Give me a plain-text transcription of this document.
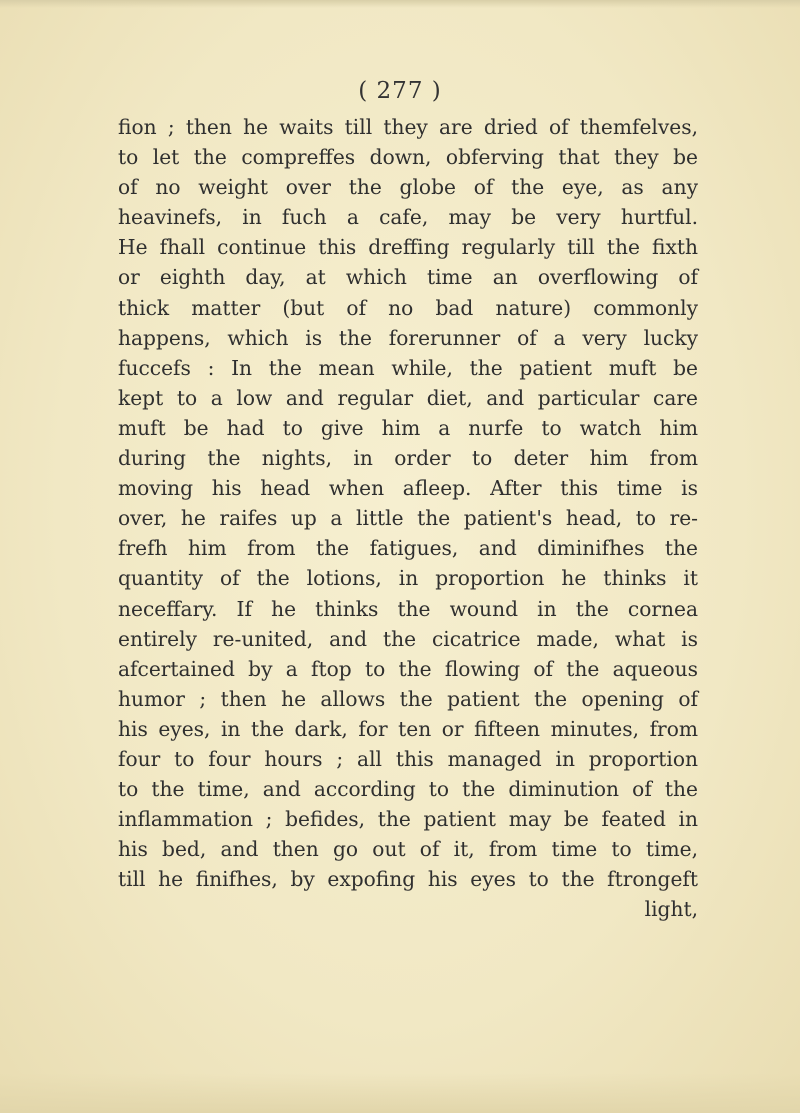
( 277 )
fion ; then he waits till they are dried of themfelves,
to let the compreffes down, obferving that they be
of no weight over the globe of the eye, as any
heavinefs, in fuch a cafe, may be very hurtful.
He fhall continue this dreffing regularly till the fixth
or eighth day, at which time an overflowing of
thick matter (but of no bad nature) commonly
happens, which is the forerunner of a very lucky
fuccefs : In the mean while, the patient muft be
kept to a low and regular diet, and particular care
muft be had to give him a nurfe to watch him
during the nights, in order to deter him from
moving his head when afleep. After this time is
over, he raifes up a little the patient's head, to re-
frefh him from the fatigues, and diminifhes the
quantity of the lotions, in proportion he thinks it
neceffary. If he thinks the wound in the cornea
entirely re-united, and the cicatrice made, what is
afcertained by a ftop to the flowing of the aqueous
humor ; then he allows the patient the opening of
his eyes, in the dark, for ten or fifteen minutes, from
four to four hours ; all this managed in proportion
to the time, and according to the diminution of the
inflammation ; befides, the patient may be feated in
his bed, and then go out of it, from time to time,
till he finifhes, by expofing his eyes to the ftrongeft
light,
